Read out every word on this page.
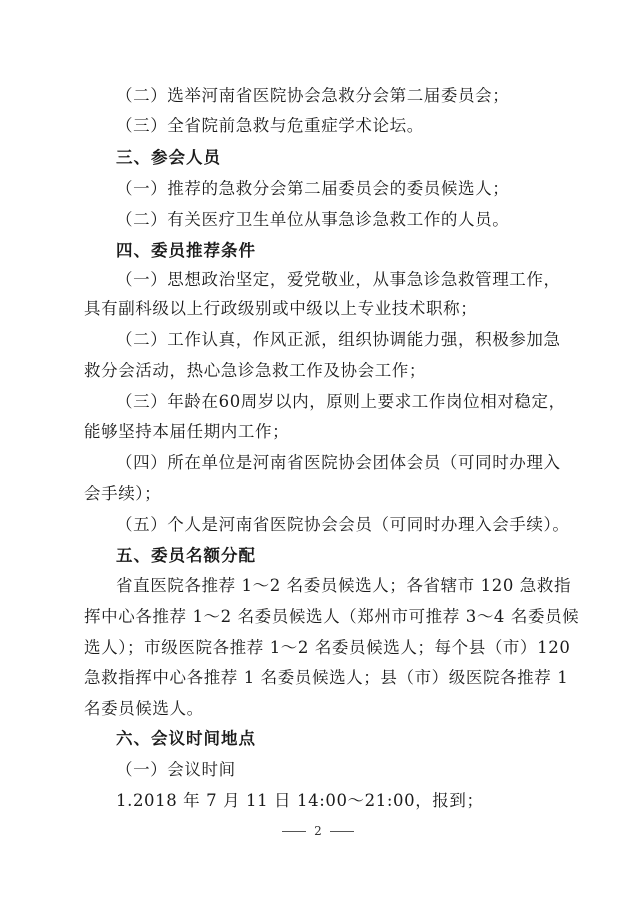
（二）选举河南省医院协会急救分会第二届委员会；
（三）全省院前急救与危重症学术论坛。
三、参会人员
（一）推荐的急救分会第二届委员会的委员候选人；
（二）有关医疗卫生单位从事急诊急救工作的人员。
四、委员推荐条件
（一）思想政治坚定，爱党敬业，从事急诊急救管理工作，
具有副科级以上行政级别或中级以上专业技术职称；
（二）工作认真，作风正派，组织协调能力强，积极参加急
救分会活动，热心急诊急救工作及协会工作；
（三）年龄在60周岁以内，原则上要求工作岗位相对稳定，
能够坚持本届任期内工作；
（四）所在单位是河南省医院协会团体会员（可同时办理入
会手续）；
（五）个人是河南省医院协会会员（可同时办理入会手续）。
五、委员名额分配
省直医院各推荐 1～2 名委员候选人；各省辖市 120 急救指
挥中心各推荐 1～2 名委员候选人（郑州市可推荐 3～4 名委员候
选人）；市级医院各推荐 1～2 名委员候选人；每个县（市）120
急救指挥中心各推荐 1 名委员候选人；县（市）级医院各推荐 1
名委员候选人。
六、会议时间地点
（一）会议时间
1.2018 年 7 月 11 日 14:00～21:00，报到；
2
